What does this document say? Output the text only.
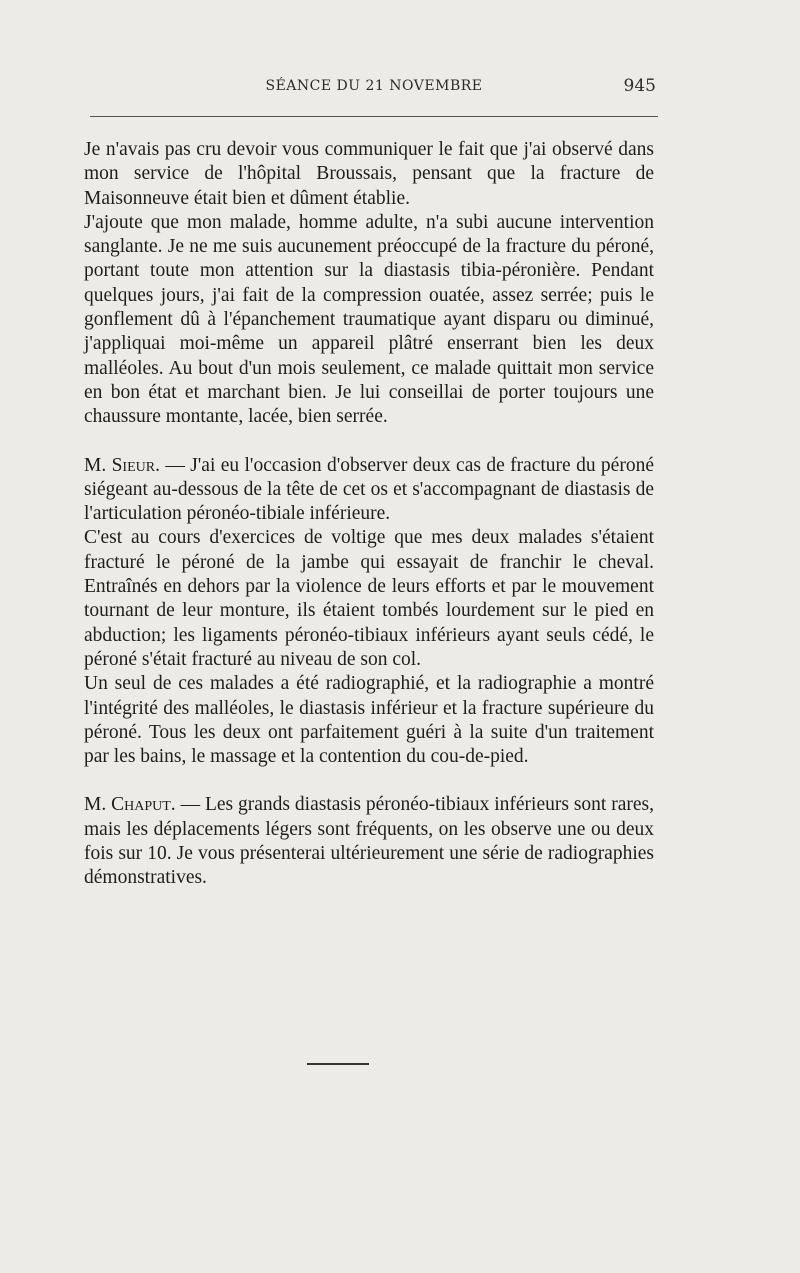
SÉANCE DU 21 NOVEMBRE	945

Je n'avais pas cru devoir vous communiquer le fait que j'ai observé dans mon service de l'hôpital Broussais, pensant que la fracture de Maisonneuve était bien et dûment établie.

J'ajoute que mon malade, homme adulte, n'a subi aucune intervention sanglante. Je ne me suis aucunement préoccupé de la fracture du péroné, portant toute mon attention sur la diastasis tibia-péronière. Pendant quelques jours, j'ai fait de la compression ouatée, assez serrée; puis le gonflement dû à l'épanchement traumatique ayant disparu ou diminué, j'appliquai moi-même un appareil plâtré enserrant bien les deux malléoles. Au bout d'un mois seulement, ce malade quittait mon service en bon état et marchant bien. Je lui conseillai de porter toujours une chaussure montante, lacée, bien serrée.

M. Sieur. — J'ai eu l'occasion d'observer deux cas de fracture du péroné siégeant au-dessous de la tête de cet os et s'accompagnant de diastasis de l'articulation péronéo-tibiale inférieure.

C'est au cours d'exercices de voltige que mes deux malades s'étaient fracturé le péroné de la jambe qui essayait de franchir le cheval. Entraînés en dehors par la violence de leurs efforts et par le mouvement tournant de leur monture, ils étaient tombés lourdement sur le pied en abduction; les ligaments péronéo-tibiaux inférieurs ayant seuls cédé, le péroné s'était fracturé au niveau de son col.

Un seul de ces malades a été radiographié, et la radiographie a montré l'intégrité des malléoles, le diastasis inférieur et la fracture supérieure du péroné. Tous les deux ont parfaitement guéri à la suite d'un traitement par les bains, le massage et la contention du cou-de-pied.

M. Chaput. — Les grands diastasis péronéo-tibiaux inférieurs sont rares, mais les déplacements légers sont fréquents, on les observe une ou deux fois sur 10. Je vous présenterai ultérieurement une série de radiographies démonstratives.
